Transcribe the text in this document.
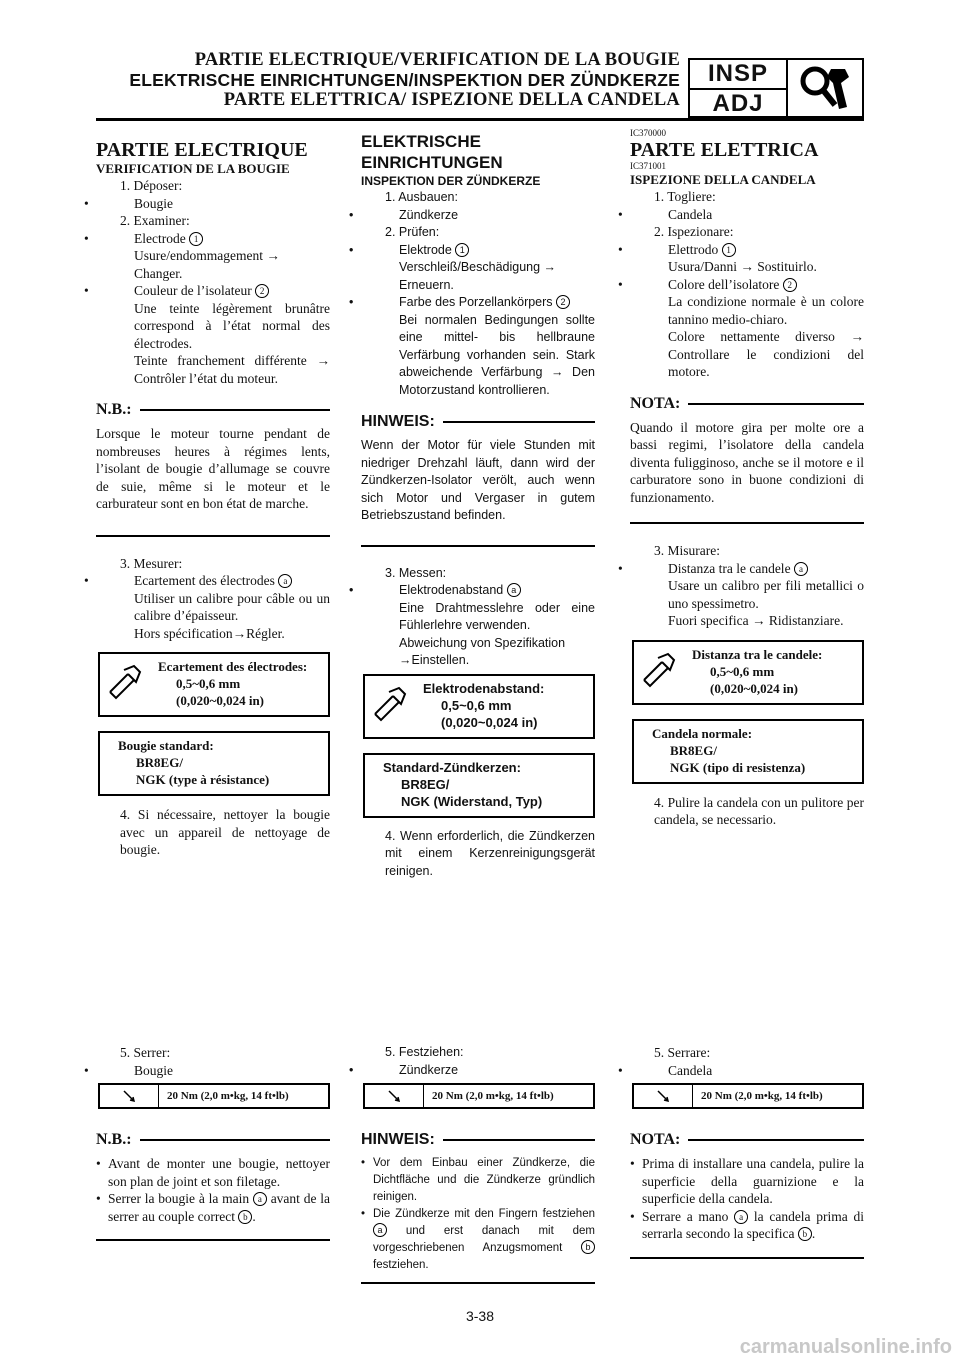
PARTIE ELECTRIQUE/VERIFICATION DE LA BOUGIE
ELEKTRISCHE EINRICHTUNGEN/INSPEKTION DER ZÜNDKERZE
PARTE ELETTRICA/ ISPEZIONE DELLA CANDELA
INSP
ADJ
PARTIE ELECTRIQUE
VERIFICATION DE LA BOUGIE
1. Déposer:
• Bougie
2. Examiner:
• Electrode 1
Usure/endommagement →
Changer.
• Couleur de l’isolateur 2
Une teinte légèrement brunâtre correspond à l’état normal des électrodes.
Teinte franchement différente → Contrôler l’état du moteur.
N.B.:
Lorsque le moteur tourne pendant de nombreuses heures à régimes lents, l’isolant de bougie d’allumage se couvre de suie, même si le moteur et le carburateur sont en bon état de marche.
3. Mesurer:
• Ecartement des électrodes a
Utiliser un calibre pour câble ou un calibre d’épaisseur.
Hors spécification→Régler.
Ecartement des électrodes:
0,5~0,6 mm
(0,020~0,024 in)
Bougie standard:
BR8EG/
NGK (type à résistance)
4. Si nécessaire, nettoyer la bougie avec un appareil de nettoyage de bougie.
ELEKTRISCHE
EINRICHTUNGEN
INSPEKTION DER ZÜNDKERZE
1. Ausbauen:
• Zündkerze
2. Prüfen:
• Elektrode 1
Verschleiß/Beschädigung → Erneuern.
• Farbe des Porzellankörpers 2
Bei normalen Bedingungen sollte eine mittel- bis hellbraune Verfärbung vorhanden sein. Stark abweichende Verfärbung → Den Motorzustand kontrollieren.
HINWEIS:
Wenn der Motor für viele Stunden mit niedriger Drehzahl läuft, dann wird der Zündkerzen-Isolator verölt, auch wenn sich Motor und Vergaser in gutem Betriebszustand befinden.
3. Messen:
• Elektrodenabstand a
Eine Drahtmesslehre oder eine Fühlerlehre verwenden.
Abweichung von Spezifikation →Einstellen.
Elektrodenabstand:
0,5~0,6 mm
(0,020~0,024 in)
Standard-Zündkerzen:
BR8EG/
NGK (Widerstand, Typ)
4. Wenn erforderlich, die Zündkerzen mit einem Kerzenreinigungsgerät reinigen.
IC370000
PARTE ELETTRICA
IC371001
ISPEZIONE DELLA CANDELA
1. Togliere:
• Candela
2. Ispezionare:
• Elettrodo 1
Usura/Danni → Sostituirlo.
• Colore dell’isolatore 2
La condizione normale è un colore tannino medio-chiaro.
Colore nettamente diverso → Controllare le condizioni del motore.
NOTA:
Quando il motore gira per molte ore a bassi regimi, l’isolatore della candela diventa fuligginoso, anche se il motore e il carburatore sono in buone condizioni di funzionamento.
3. Misurare:
• Distanza tra le candele a
Usare un calibro per fili metallici o uno spessimetro.
Fuori specifica → Ridistanziare.
Distanza tra le candele:
0,5~0,6 mm
(0,020~0,024 in)
Candela normale:
BR8EG/
NGK (tipo di resistenza)
4. Pulire la candela con un pulitore per candela, se necessario.
5. Serrer:
• Bougie
20 Nm (2,0 m•kg, 14 ft•lb)
N.B.:
• Avant de monter une bougie, nettoyer son plan de joint et son filetage.
• Serrer la bougie à la main a avant de la serrer au couple correct b .
5. Festziehen:
• Zündkerze
20 Nm (2,0 m•kg, 14 ft•lb)
HINWEIS:
• Vor dem Einbau einer Zündkerze, die Dichtfläche und die Zündkerze gründlich reinigen.
• Die Zündkerze mit den Fingern festziehen a und erst danach mit dem vorgeschriebenen Anzugsmoment b festziehen.
5. Serrare:
• Candela
20 Nm (2,0 m•kg, 14 ft•lb)
NOTA:
• Prima di installare una candela, pulire la superficie della guarnizione e la superficie della candela.
• Serrare a mano a la candela prima di serrarla secondo la specifica b .
3-38
carmanualsonline.info
